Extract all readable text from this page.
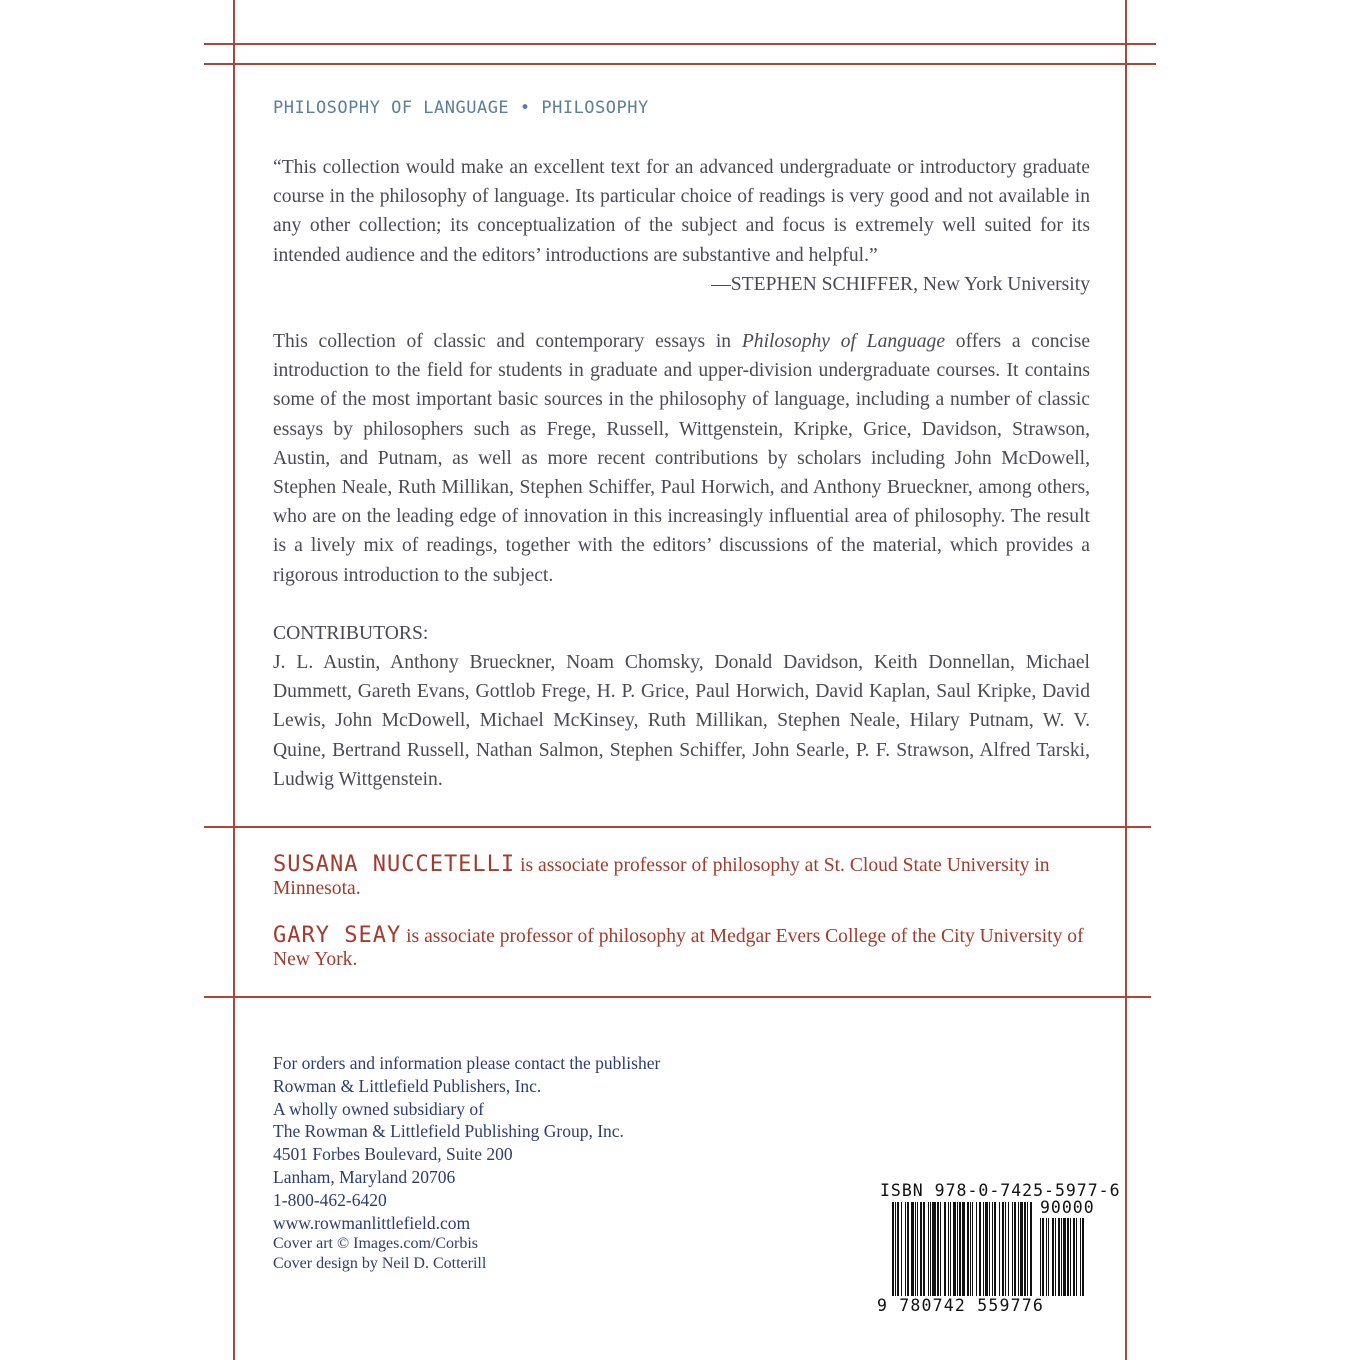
PHILOSOPHY OF LANGUAGE • PHILOSOPHY
“This collection would make an excellent text for an advanced undergraduate or introductory graduate course in the philosophy of language. Its particular choice of readings is very good and not available in any other collection; its conceptualization of the subject and focus is extremely well suited for its intended audience and the editors’ introductions are substantive and helpful.”
—STEPHEN SCHIFFER, New York University
This collection of classic and contemporary essays in Philosophy of Language offers a concise introduction to the field for students in graduate and upper-division undergraduate courses. It contains some of the most important basic sources in the philosophy of language, including a number of classic essays by philosophers such as Frege, Russell, Wittgenstein, Kripke, Grice, Davidson, Strawson, Austin, and Putnam, as well as more recent contributions by scholars including John McDowell, Stephen Neale, Ruth Millikan, Stephen Schiffer, Paul Horwich, and Anthony Brueckner, among others, who are on the leading edge of innovation in this increasingly influential area of philosophy. The result is a lively mix of readings, together with the editors’ discussions of the material, which provides a rigorous introduction to the subject.
CONTRIBUTORS:
J. L. Austin, Anthony Brueckner, Noam Chomsky, Donald Davidson, Keith Donnellan, Michael Dummett, Gareth Evans, Gottlob Frege, H. P. Grice, Paul Horwich, David Kaplan, Saul Kripke, David Lewis, John McDowell, Michael McKinsey, Ruth Millikan, Stephen Neale, Hilary Putnam, W. V. Quine, Bertrand Russell, Nathan Salmon, Stephen Schiffer, John Searle, P. F. Strawson, Alfred Tarski, Ludwig Wittgenstein.
SUSANA NUCCETELLI is associate professor of philosophy at St. Cloud State University in Minnesota.
GARY SEAY is associate professor of philosophy at Medgar Evers College of the City University of New York.
For orders and information please contact the publisher
Rowman & Littlefield Publishers, Inc.
A wholly owned subsidiary of
The Rowman & Littlefield Publishing Group, Inc.
4501 Forbes Boulevard, Suite 200
Lanham, Maryland 20706
1-800-462-6420
www.rowmanlittlefield.com
Cover art © Images.com/Corbis
Cover design by Neil D. Cotterill
ISBN 978-0-7425-5977-6
90000
9 780742 559776
